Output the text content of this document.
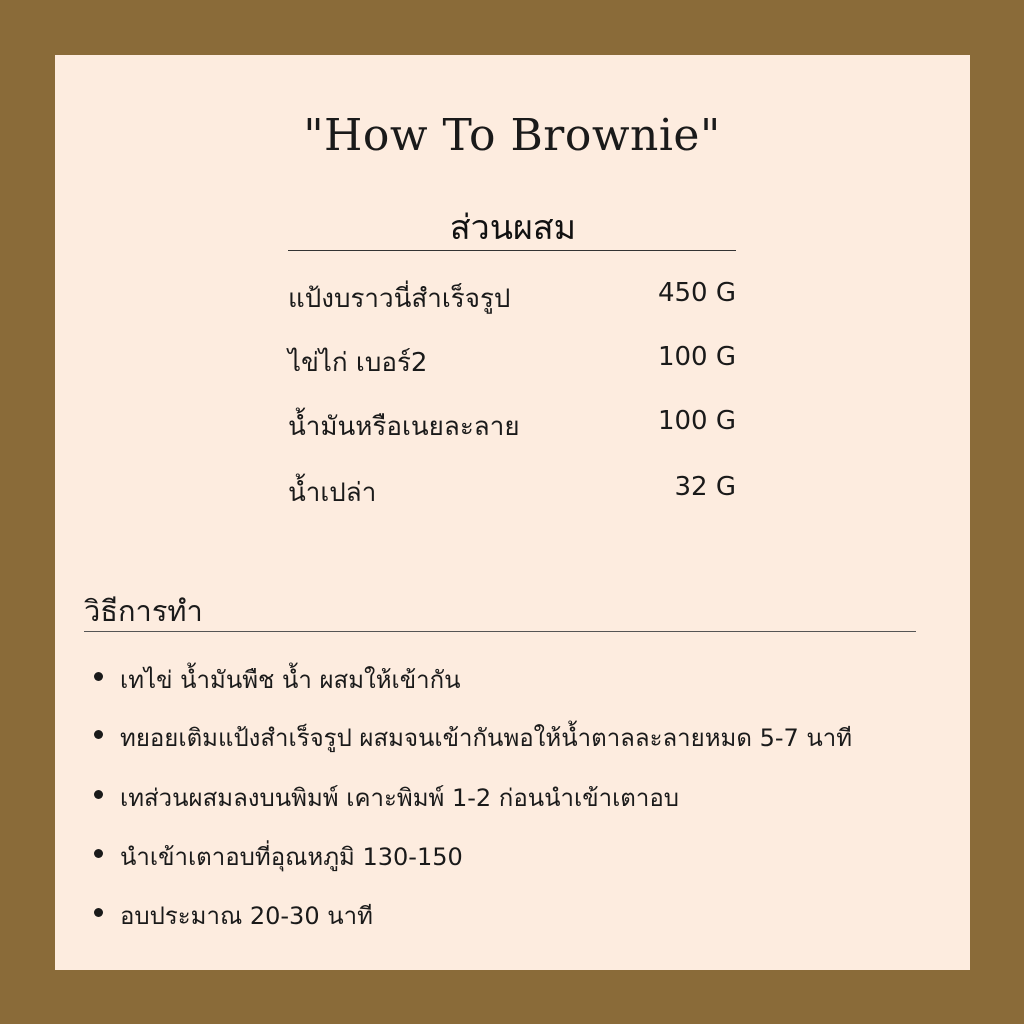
"How To Brownie"
ส่วนผสม
แป้งบราวนี่สำเร็จรูป	450 G
ไข่ไก่ เบอร์2	100 G
น้ำมันหรือเนยละลาย	100 G
น้ำเปล่า	32 G
วิธีการทำ
เทไข่ น้ำมันพืช น้ำ ผสมให้เข้ากัน
ทยอยเติมแป้งสำเร็จรูป ผสมจนเข้ากันพอให้น้ำตาลละลายหมด 5-7 นาที
เทส่วนผสมลงบนพิมพ์ เคาะพิมพ์ 1-2 ก่อนนำเข้าเตาอบ
นำเข้าเตาอบที่อุณหภูมิ 130-150
อบประมาณ 20-30 นาที
